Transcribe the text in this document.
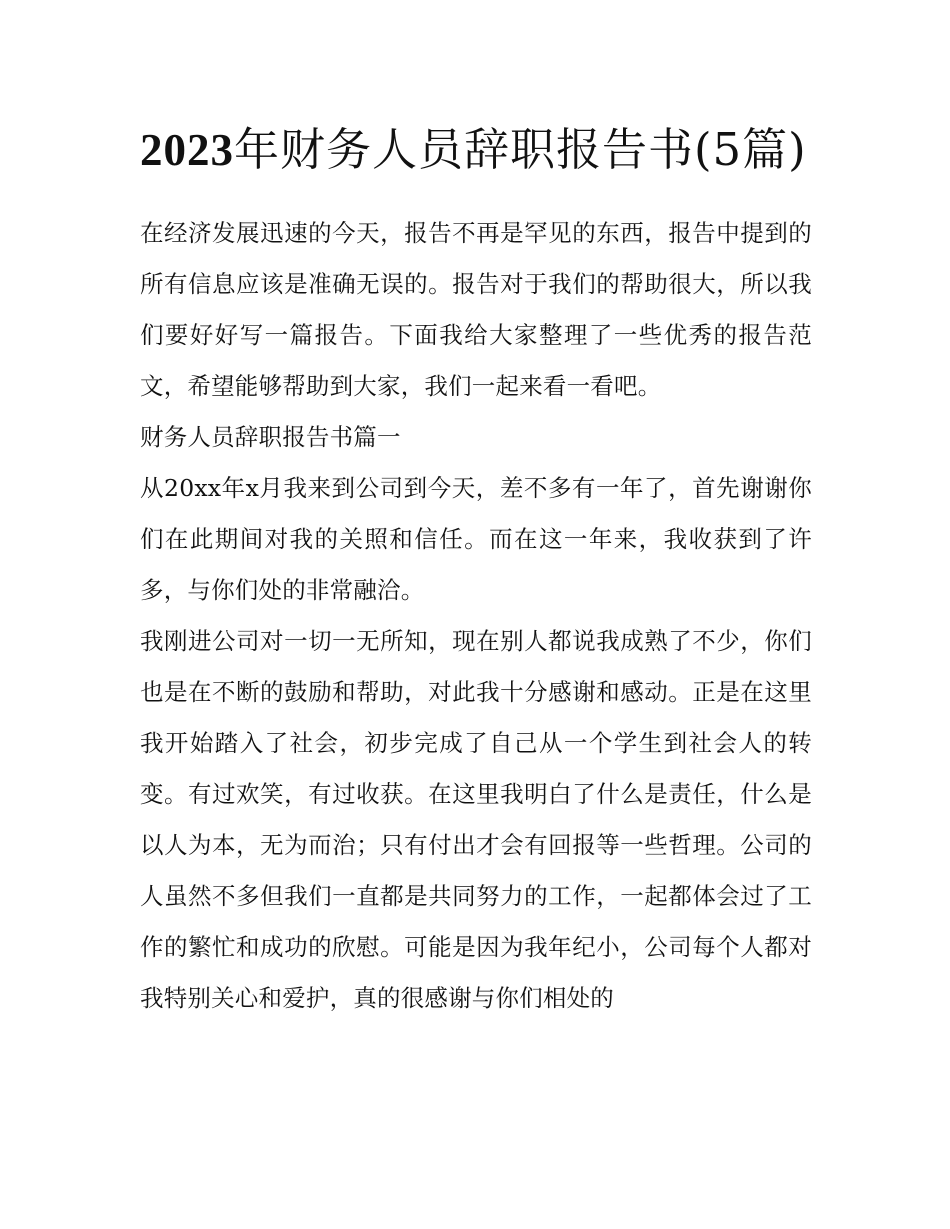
2023年财务人员辞职报告书(5篇)

在经济发展迅速的今天，报告不再是罕见的东西，报告中提到的所有信息应该是准确无误的。报告对于我们的帮助很大，所以我们要好好写一篇报告。下面我给大家整理了一些优秀的报告范文，希望能够帮助到大家，我们一起来看一看吧。

财务人员辞职报告书篇一

从20xx年x月我来到公司到今天，差不多有一年了，首先谢谢你们在此期间对我的关照和信任。而在这一年来，我收获到了许多，与你们处的非常融洽。

我刚进公司对一切一无所知，现在别人都说我成熟了不少，你们也是在不断的鼓励和帮助，对此我十分感谢和感动。正是在这里我开始踏入了社会，初步完成了自己从一个学生到社会人的转变。有过欢笑，有过收获。在这里我明白了什么是责任，什么是以人为本，无为而治；只有付出才会有回报等一些哲理。公司的人虽然不多但我们一直都是共同努力的工作，一起都体会过了工作的繁忙和成功的欣慰。可能是因为我年纪小，公司每个人都对我特别关心和爱护，真的很感谢与你们相处的
